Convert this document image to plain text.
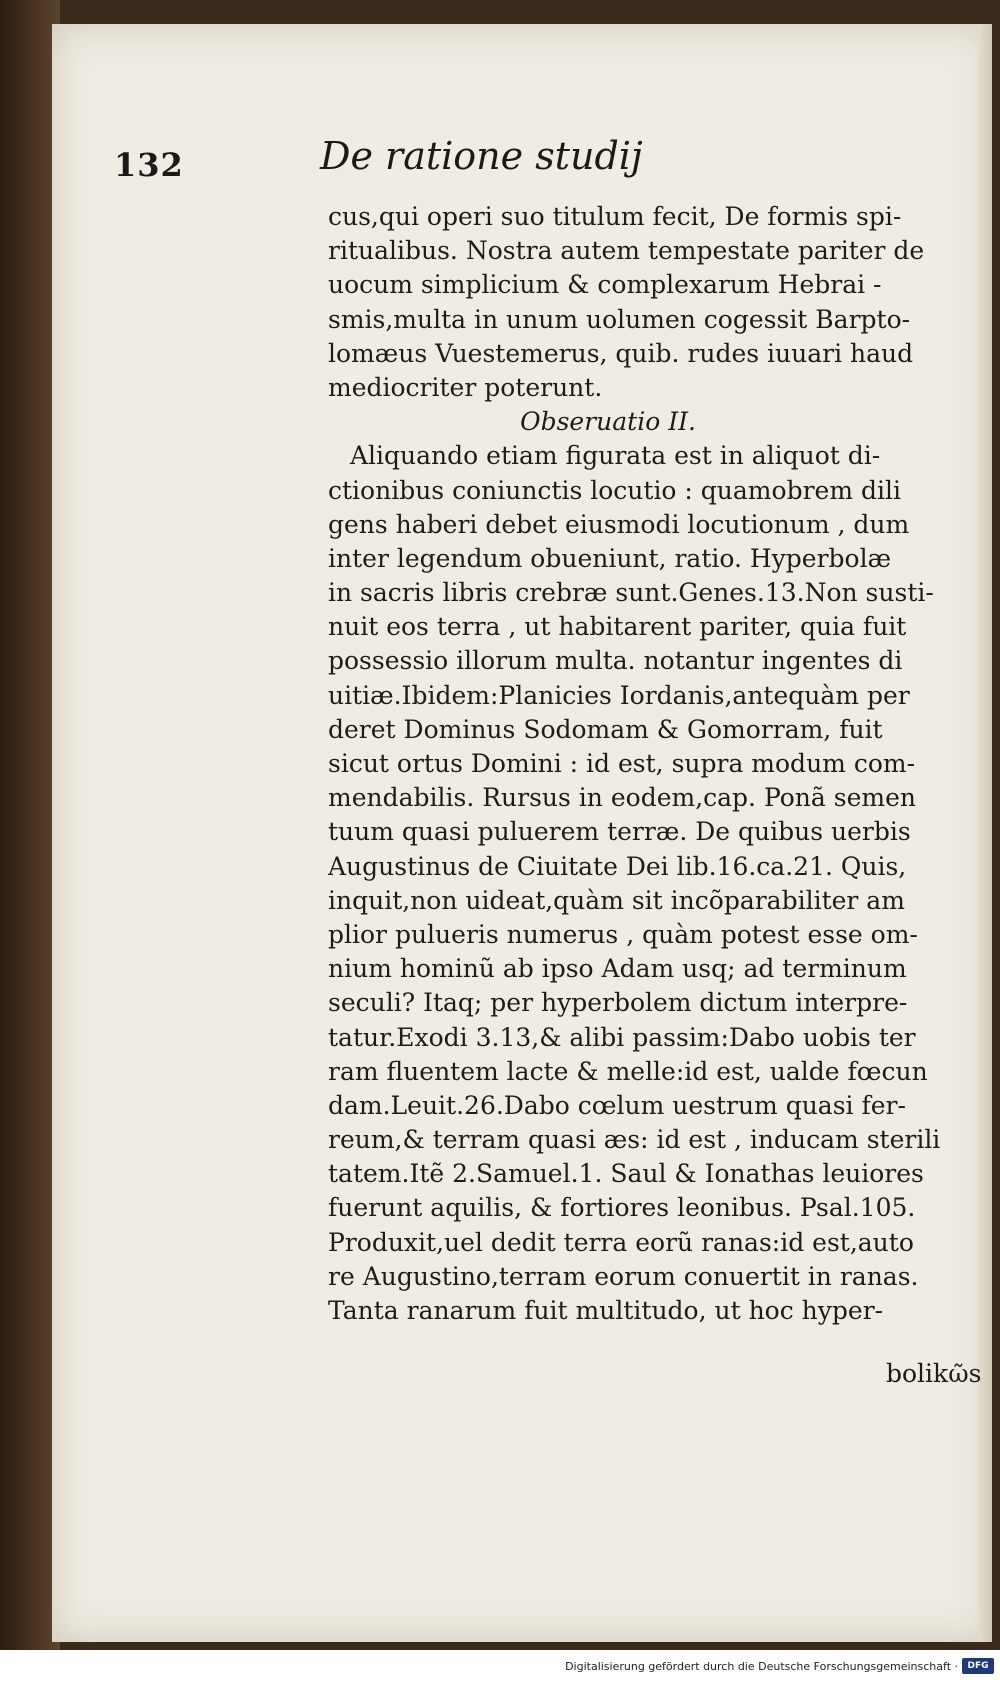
132	De ratione studij
cus,qui operi suo titulum fecit, De formis spi-
ritualibus. Nostra autem tempestate pariter de
uocum simplicium & complexarum Hebrai -
smis,multa in unum uolumen cogessit Barpto-
lomæus Vuestemerus, quib. rudes iuuari haud
mediocriter poterunt.
Obseruatio II.
Aliquando etiam figurata est in aliquot di-
ctionibus coniunctis locutio : quamobrem dili
gens haberi debet eiusmodi locutionum , dum
inter legendum obueniunt, ratio. Hyperbolæ
in sacris libris crebræ sunt.Genes.13.Non susti-
nuit eos terra , ut habitarent pariter, quia fuit
possessio illorum multa. notantur ingentes di
uitiæ.Ibidem:Planicies Iordanis,antequàm per
deret Dominus Sodomam & Gomorram, fuit
sicut ortus Domini : id est, supra modum com-
mendabilis. Rursus in eodem,cap. Ponã semen
tuum quasi puluerem terræ. De quibus uerbis
Augustinus de Ciuitate Dei lib.16.ca.21. Quis,
inquit,non uideat,quàm sit incõparabiliter am
plior pulueris numerus , quàm potest esse om-
nium hominũ ab ipso Adam usq; ad terminum
seculi? Itaq; per hyperbolem dictum interpre-
tatur.Exodi 3.13,& alibi passim:Dabo uobis ter
ram fluentem lacte & melle:id est, ualde fœcun
dam.Leuit.26.Dabo cœlum uestrum quasi fer-
reum,& terram quasi æs: id est , inducam sterili
tatem.Itẽ 2.Samuel.1. Saul & Ionathas leuiores
fuerunt aquilis, & fortiores leonibus. Psal.105.
Produxit,uel dedit terra eorũ ranas:id est,auto
re Augustino,terram eorum conuertit in ranas.
Tanta ranarum fuit multitudo, ut hoc hyper-
bolikῶs
Digitalisierung gefördert durch die Deutsche Forschungsgemeinschaft ·	DFG
